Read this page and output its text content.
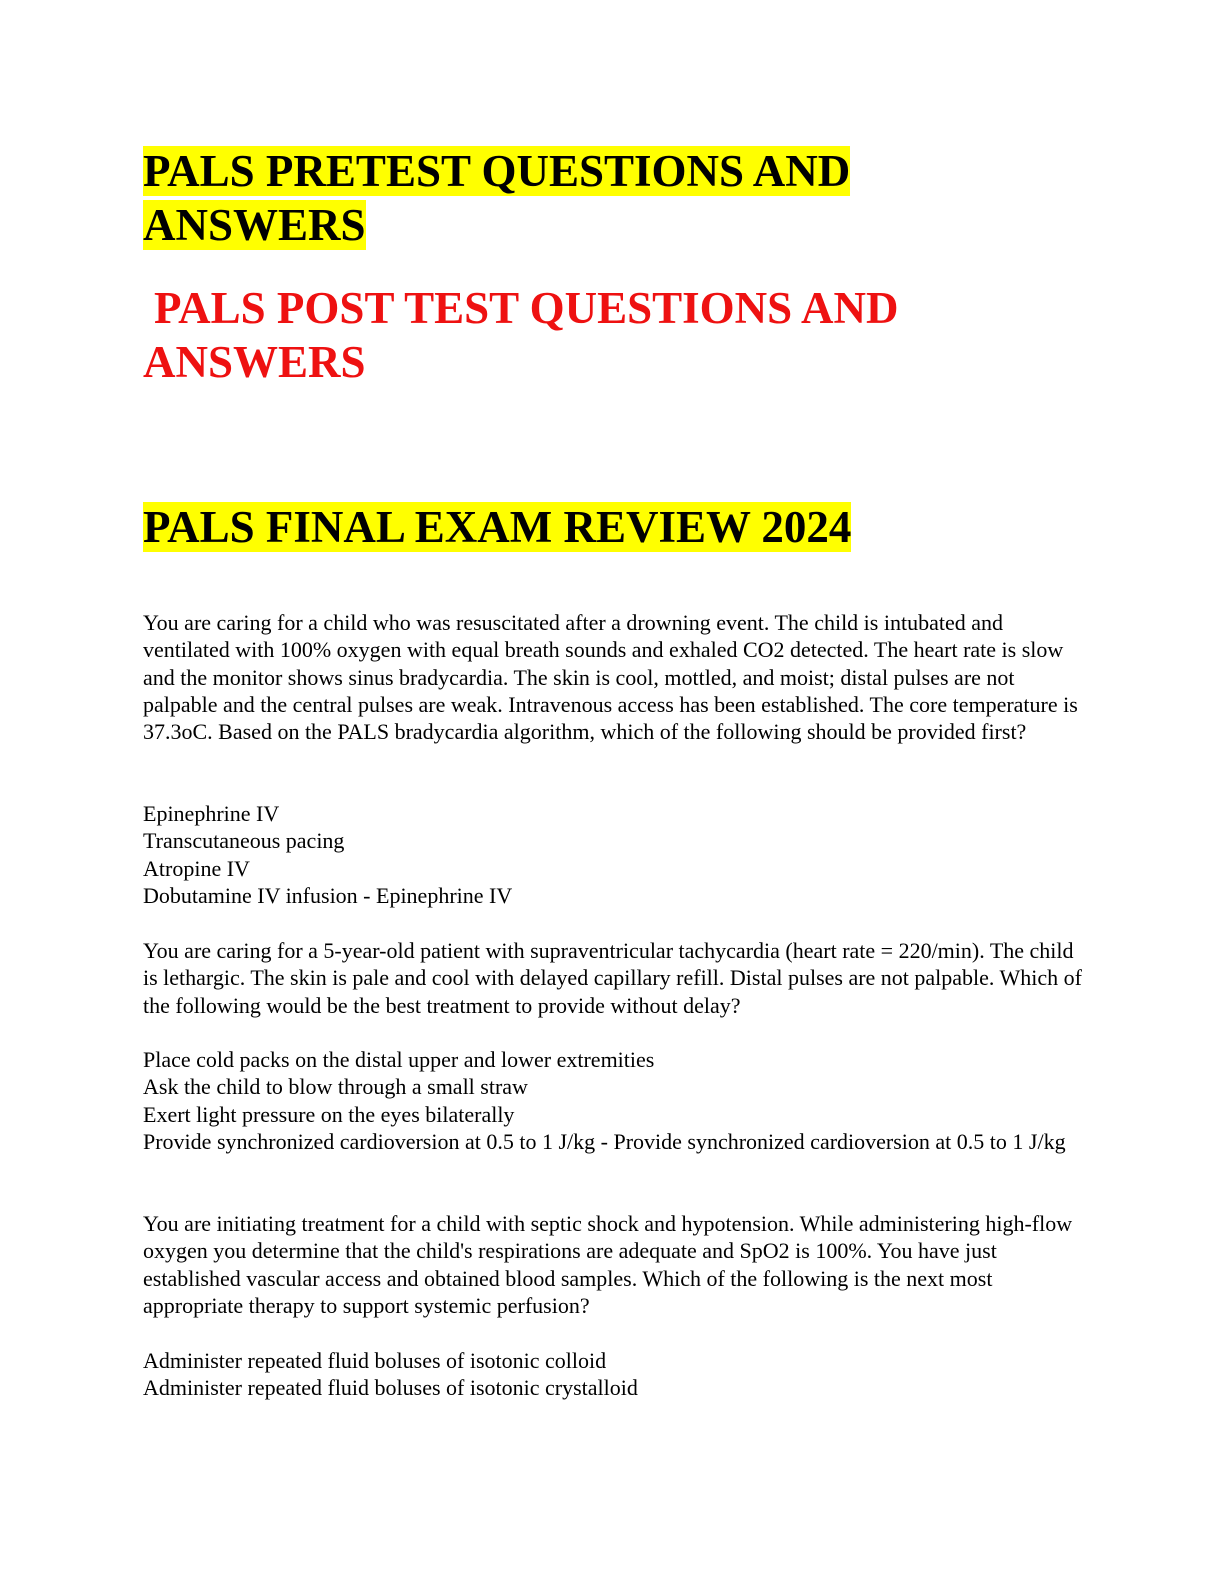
PALS PRETEST QUESTIONS AND ANSWERS
PALS POST TEST QUESTIONS AND ANSWERS
PALS FINAL EXAM REVIEW 2024

You are caring for a child who was resuscitated after a drowning event. The child is intubated and ventilated with 100% oxygen with equal breath sounds and exhaled CO2 detected. The heart rate is slow and the monitor shows sinus bradycardia. The skin is cool, mottled, and moist; distal pulses are not palpable and the central pulses are weak. Intravenous access has been established. The core temperature is 37.3oC. Based on the PALS bradycardia algorithm, which of the following should be provided first?

Epinephrine IV
Transcutaneous pacing
Atropine IV
Dobutamine IV infusion - Epinephrine IV

You are caring for a 5-year-old patient with supraventricular tachycardia (heart rate = 220/min). The child is lethargic. The skin is pale and cool with delayed capillary refill. Distal pulses are not palpable. Which of the following would be the best treatment to provide without delay?

Place cold packs on the distal upper and lower extremities
Ask the child to blow through a small straw
Exert light pressure on the eyes bilaterally
Provide synchronized cardioversion at 0.5 to 1 J/kg - Provide synchronized cardioversion at 0.5 to 1 J/kg

You are initiating treatment for a child with septic shock and hypotension. While administering high-flow oxygen you determine that the child's respirations are adequate and SpO2 is 100%. You have just established vascular access and obtained blood samples. Which of the following is the next most appropriate therapy to support systemic perfusion?

Administer repeated fluid boluses of isotonic colloid
Administer repeated fluid boluses of isotonic crystalloid
